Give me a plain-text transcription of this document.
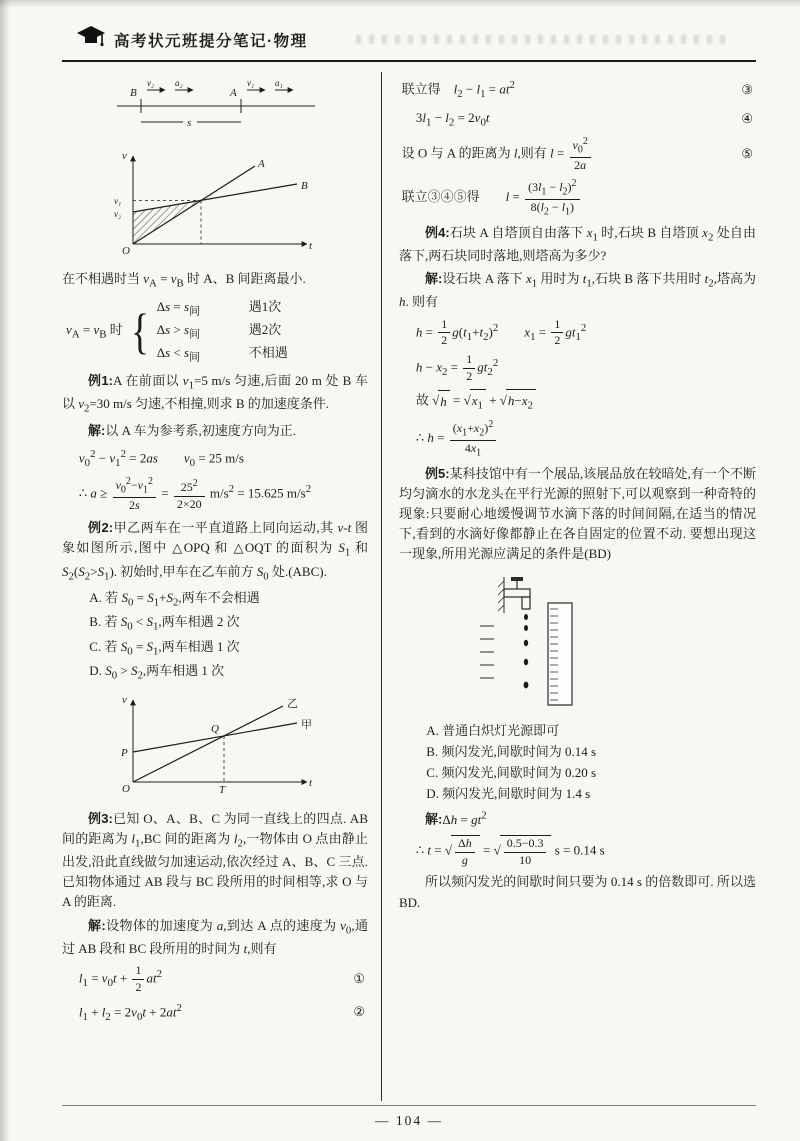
高考状元班提分笔记·物理
B
v₂ a₂
A
v₁ a₁
s
v
t
O
A
B
v₁
v₂

在不相遇时当 $v_A = v_B$ 时 A、B 间距离最小.

$v_A = v_B$ 时 { $\Delta s = s_间$	遇1次
$\Delta s > s_间$	遇2次
$\Delta s < s_间$	不相遇

例1:A 在前面以 $v_1=5$ m/s 匀速,后面 20 m 处 B 车以 $v_2=30$ m/s 匀速,不相撞,则求 B 的加速度条件.

解:以 A 车为参考系,初速度方向为正.

$v_0^2 - v_1^2 = 2as$   $v_0 = 25$ m/s
∴ $a \ge \frac{v_0^2-v_1^2}{2s} = \frac{25^2}{2\times 20} m/s^2 = 15.625$ $m/s^2$

例2:甲乙两车在一平直道路上同向运动,其 v-t 图象如图所示,图中 △OPQ 和 △OQT 的面积为 $S_1$ 和 $S_2(S_2>S_1)$. 初始时,甲车在乙车前方 $S_0$ 处.(ABC).

A. 若 $S_0 = S_1+S_2$,两车不会相遇
B. 若 $S_0 < S_1$,两车相遇 2 次
C. 若 $S_0 = S_1$,两车相遇 1 次
D. $S_0 > S_2$,两车相遇 1 次
v
t
O
P
Q
T
甲
乙

例3:已知 O、A、B、C 为同一直线上的四点. AB 间的距离为 $l_1,BC$ 间的距离为 $l_2$,一物体由 O 点由静止出发,沿此直线做匀加速运动,依次经过 A、B、C 三点. 已知物体通过 AB 段与 BC 段所用的时间相等,求 O 与 A 的距离.

解:设物体的加速度为 a,到达 A 点的速度为 $v_0$,通过 AB 段和 BC 段所用的时间为 t,则有

$l_1 = v_0t + \frac{1}{2} at^2$	①
$l_1 + l_2 = 2v_0t + 2at^2$	②
联立得 $l_2 - l_1 = at^2$	③
$3l_1 - l_2 = 2v_0t$	④
设 O 与 A 的距离为 l,则有 $l = \frac{v_0^2}{2a}$	⑤
联立③④⑤得  $l = \frac{(3l_1 - l_2)^2}{8(l_2 - l_1)}$

例4:石块 A 自塔顶自由落下 $x_1$ 时,石块 B 自塔顶 $x_2$ 处自由落下,两石块同时落地,则塔高为多少?

解:设石块 A 落下 $x_1$ 用时为 $t_1$,石块 B 落下共用时 $t_2$,塔高为 h. 则有

$h = \frac{1}{2} g(t_1+t_2)^2$   $x_1 = \frac{1}{2} gt_1^2$
$h - x_2 = \frac{1}{2} gt_2^2$
故 $√h = √x_1 + √h-x_2$
∴ $h = \frac{(x_1+x_2)^2}{4x_1}$

例5:某科技馆中有一个展品,该展品放在较暗处,有一个不断均匀滴水的水龙头在平行光源的照射下,可以观察到一种奇特的现象:只要耐心地缓慢调节水滴下落的时间间隔,在适当的情况下,看到的水滴好像都静止在各自固定的位置不动. 要想出现这一现象,所用光源应满足的条件是(BD)

A. 普通白炽灯光源即可
B. 频闪发光,间歇时间为 0.14 s
C. 频闪发光,间歇时间为 0.20 s
D. 频闪发光,间歇时间为 1.4 s

解:Δh = $gt^2$

∴ t = √ $\frac{\Delta h}{g}$ = √ $\frac{0.5-0.3}{10}$ s = 0.14 s

所以频闪发光的间歇时间只要为 0.14 s 的倍数即可. 所以选 BD.

— 104 —
